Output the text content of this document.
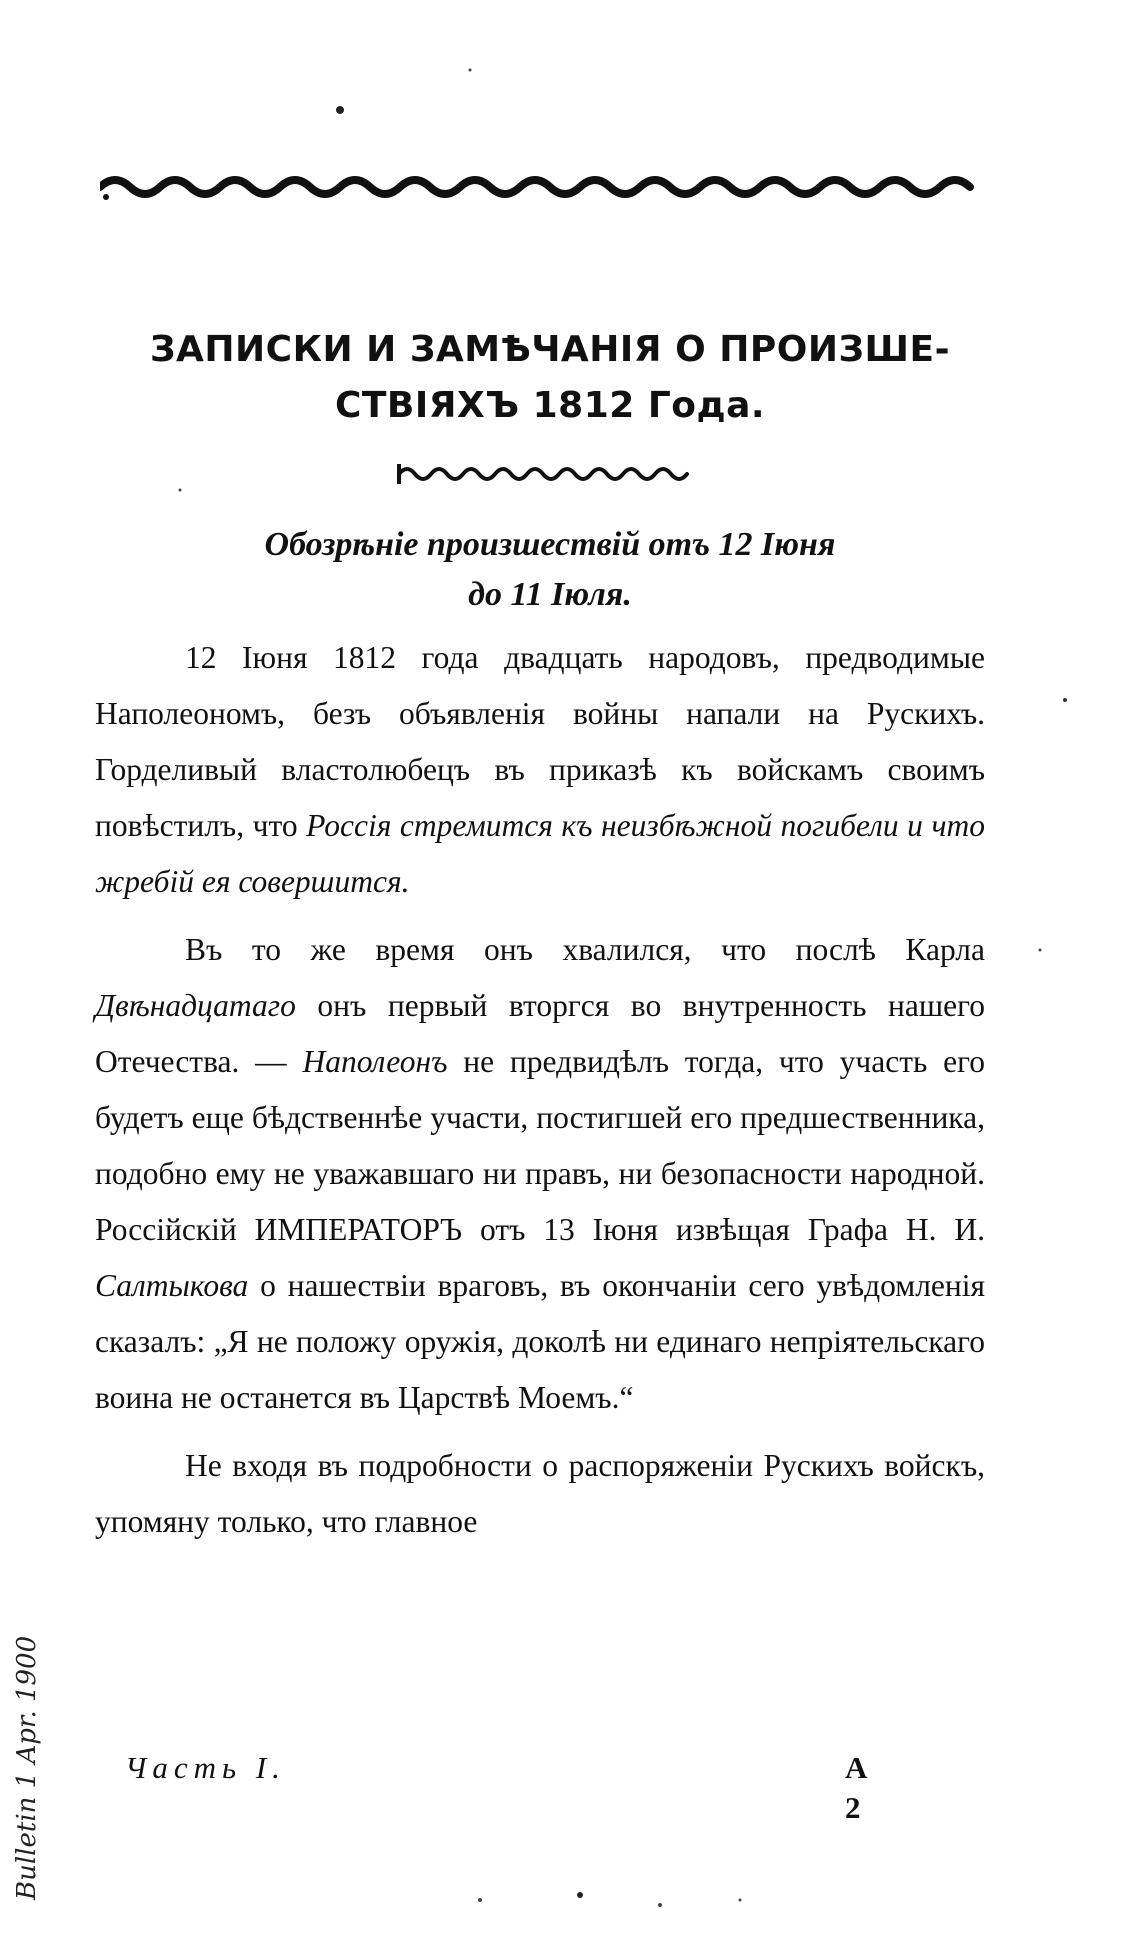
ЗАПИСКИ И ЗАМѢЧАНІЯ О ПРОИЗШЕ-
СТВІЯХЪ 1812 Года.
Обозрѣніе произшествій отъ 12 Іюня
до 11 Іюля.

12 Іюня 1812 года двадцать народовъ, предводимые Наполеономъ, безъ объявленія войны напали на Рускихъ. Горделивый властолюбецъ въ приказѣ къ войскамъ своимъ повѣстилъ, что Россія стремится къ неизбѣжной погибели и что жребій ея совершится.

Въ то же время онъ хвалился, что послѣ Карла Двѣнадцатаго онъ первый вторгся во внутренность нашего Отечества. — Наполеонъ не предвидѣлъ тогда, что участь его будетъ еще бѣдственнѣе участи, постигшей его предшественника, подобно ему не уважавшаго ни правъ, ни безопасности народной. Россійскій ИМПЕРАТОРЪ отъ 13 Іюня извѣщая Графа Н. И. Салтыкова о нашествіи враговъ, въ окончаніи сего увѣдомленія сказалъ: „Я не положу оружія, доколѣ ни единаго непріятельскаго воина не останется въ Царствѣ Моемъ.“

Не входя въ подробности о распоряженіи Рускихъ войскъ, упомяну только, что главное

Часть I.	А 2
Bulletin 1 Apr. 1900
